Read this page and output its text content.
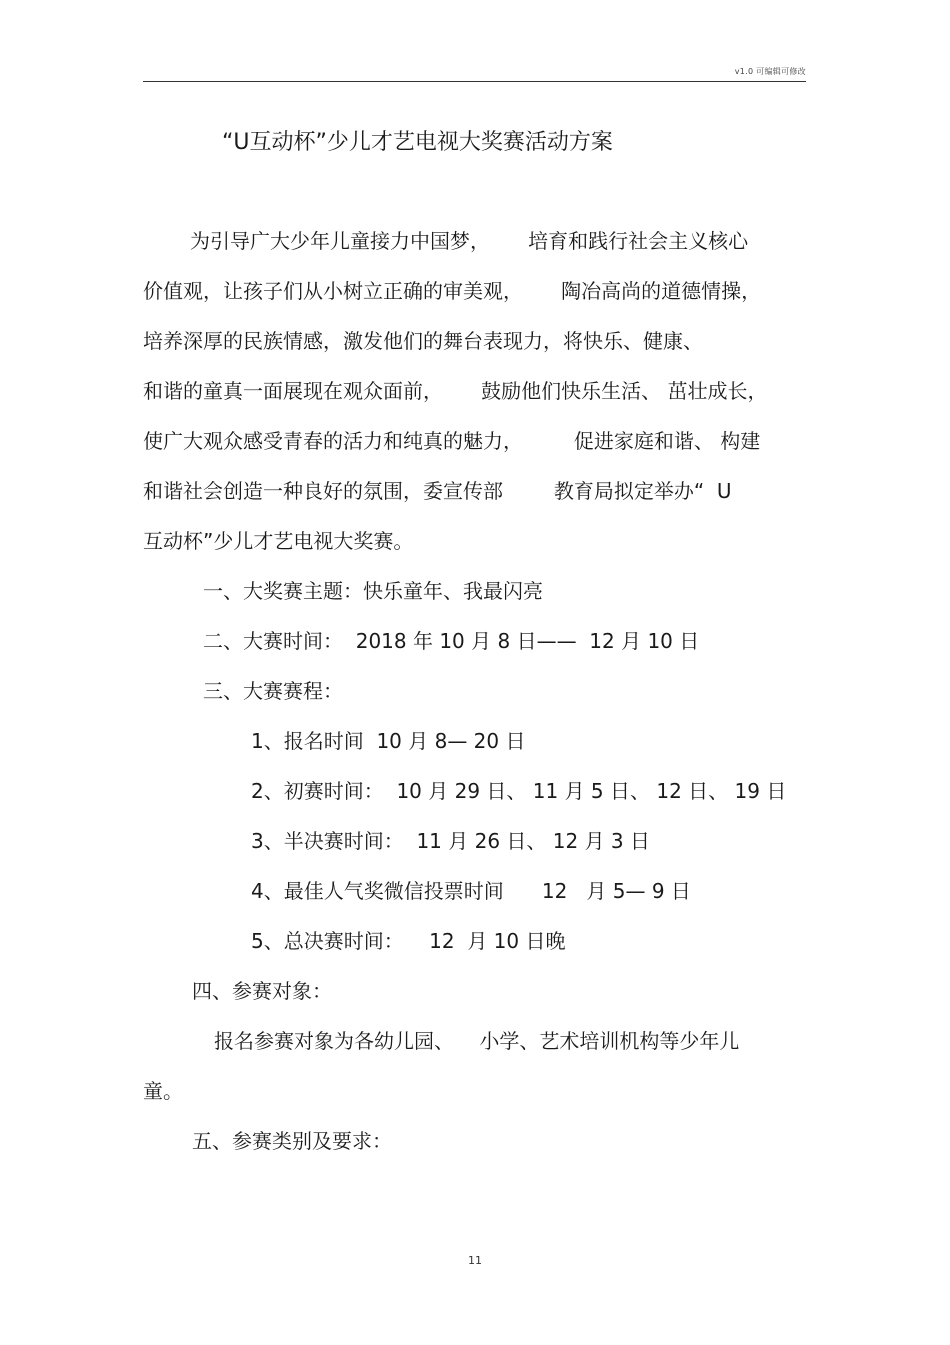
v1.0 可编辑可修改
“U互动杯”少儿才艺电视大奖赛活动方案
为引导广大少年儿童接力中国梦，      培育和践行社会主义核心
价值观，让孩子们从小树立正确的审美观，      陶冶高尚的道德情操，
培养深厚的民族情感，激发他们的舞台表现力，将快乐、健康、
和谐的童真一面展现在观众面前，      鼓励他们快乐生活、 茁壮成长，
使广大观众感受青春的活力和纯真的魅力，        促进家庭和谐、 构建
和谐社会创造一种良好的氛围，委宣传部        教育局拟定举办“  U
互动杯”少儿才艺电视大奖赛。
一、大奖赛主题：快乐童年、我最闪亮
二、大赛时间：  2018 年 10 月 8 日——  12 月 10 日
三、大赛赛程：
1、报名时间  10 月 8— 20 日
2、初赛时间：  10 月 29 日、 11 月 5 日、 12 日、 19 日
3、半决赛时间：  11 月 26 日、 12 月 3 日
4、最佳人气奖微信投票时间      12   月 5— 9 日
5、总决赛时间：    12  月 10 日晚
四、参赛对象：
报名参赛对象为各幼儿园、    小学、艺术培训机构等少年儿
童。
五、参赛类别及要求：
11
